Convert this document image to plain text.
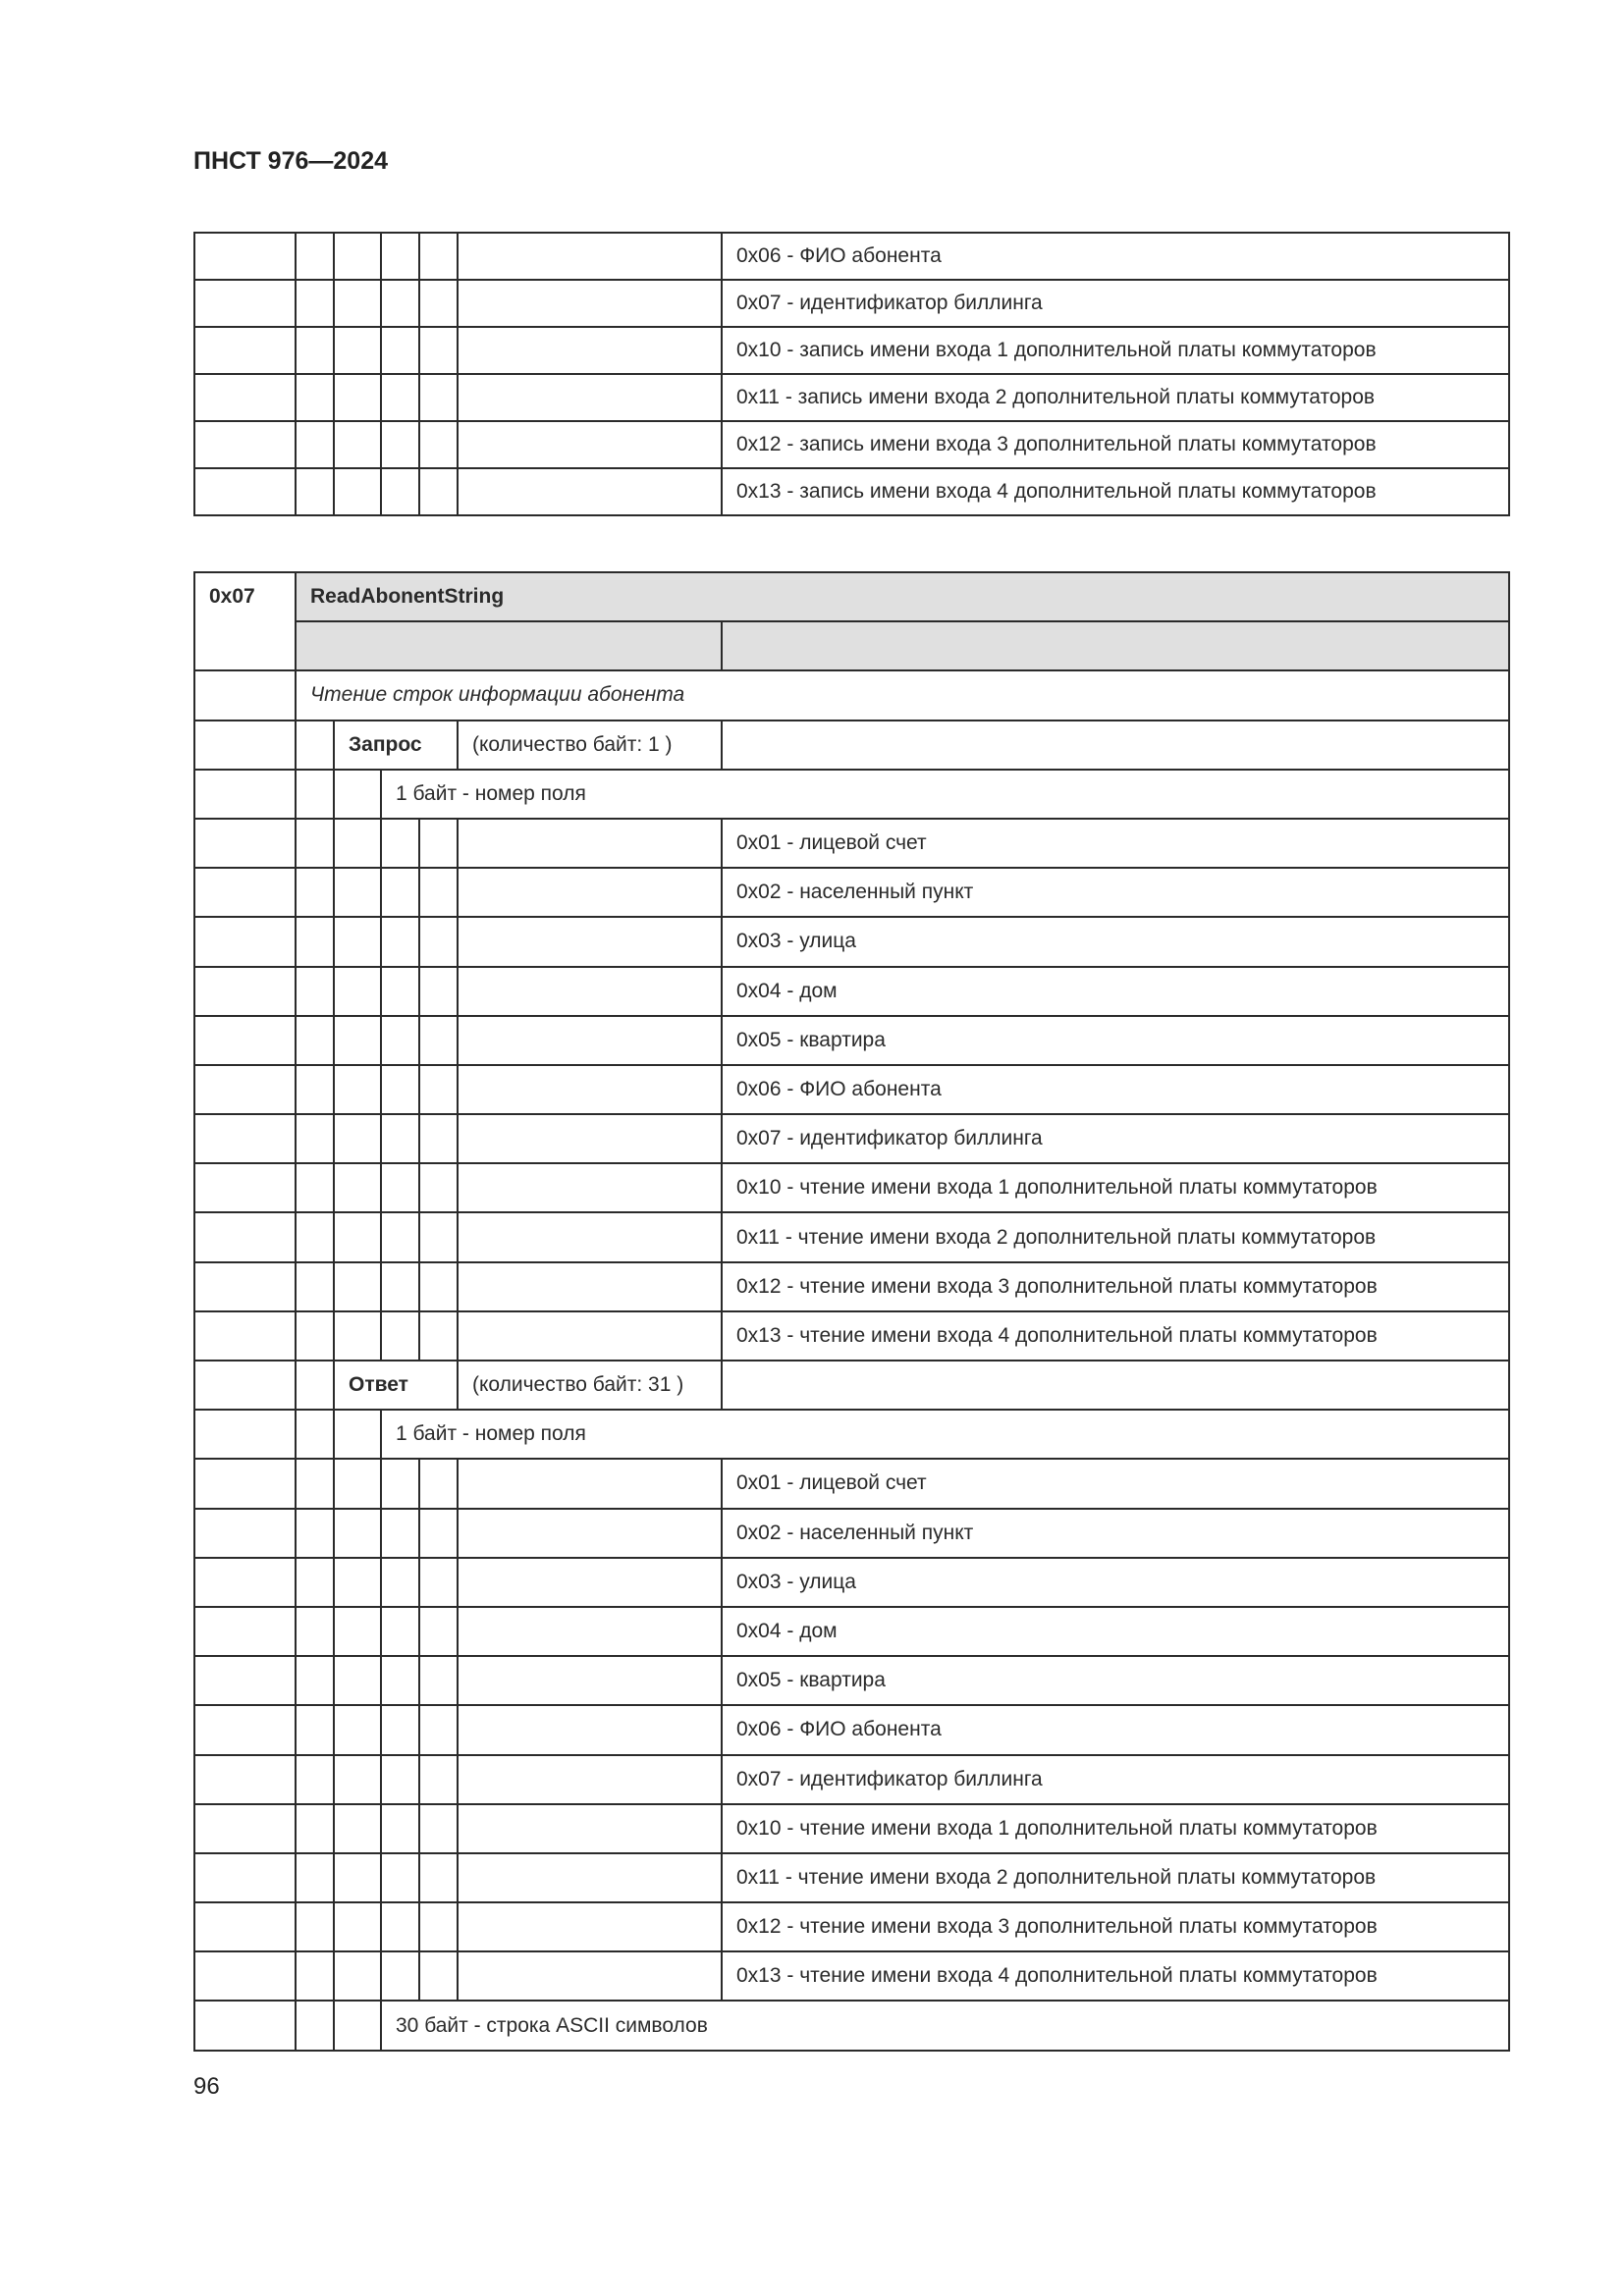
ПНСТ 976—2024
						0x06 - ФИО абонента
						0x07 - идентификатор биллинга
						0x10 - запись имени входа 1 дополнительной платы коммутаторов
						0x11 - запись имени входа 2 дополнительной платы коммутаторов
						0x12 - запись имени входа 3 дополнительной платы коммутаторов
						0x13 - запись имени входа 4 дополнительной платы коммутаторов
0x07	ReadAbonentString					

	Чтение строк информации абонента					
		Запрос			(количество байт: 1 )	
			1 байт - номер поля			
						0x01 - лицевой счет
						0x02 - населенный пункт
						0x03 - улица
						0x04 - дом
						0x05 - квартира
						0x06 - ФИО абонента
						0x07 - идентификатор биллинга
						0x10 - чтение имени входа 1 дополнительной платы коммутаторов
						0x11 - чтение имени входа 2 дополнительной платы коммутаторов
						0x12 - чтение имени входа 3 дополнительной платы коммутаторов
						0x13 - чтение имени входа 4 дополнительной платы коммутаторов
		Ответ			(количество байт: 31 )	
			1 байт - номер поля			
						0x01 - лицевой счет
						0x02 - населенный пункт
						0x03 - улица
						0x04 - дом
						0x05 - квартира
						0x06 - ФИО абонента
						0x07 - идентификатор биллинга
						0x10 - чтение имени входа 1 дополнительной платы коммутаторов
						0x11 - чтение имени входа 2 дополнительной платы коммутаторов
						0x12 - чтение имени входа 3 дополнительной платы коммутаторов
						0x13 - чтение имени входа 4 дополнительной платы коммутаторов
			30 байт - строка ASCII символов			
96
